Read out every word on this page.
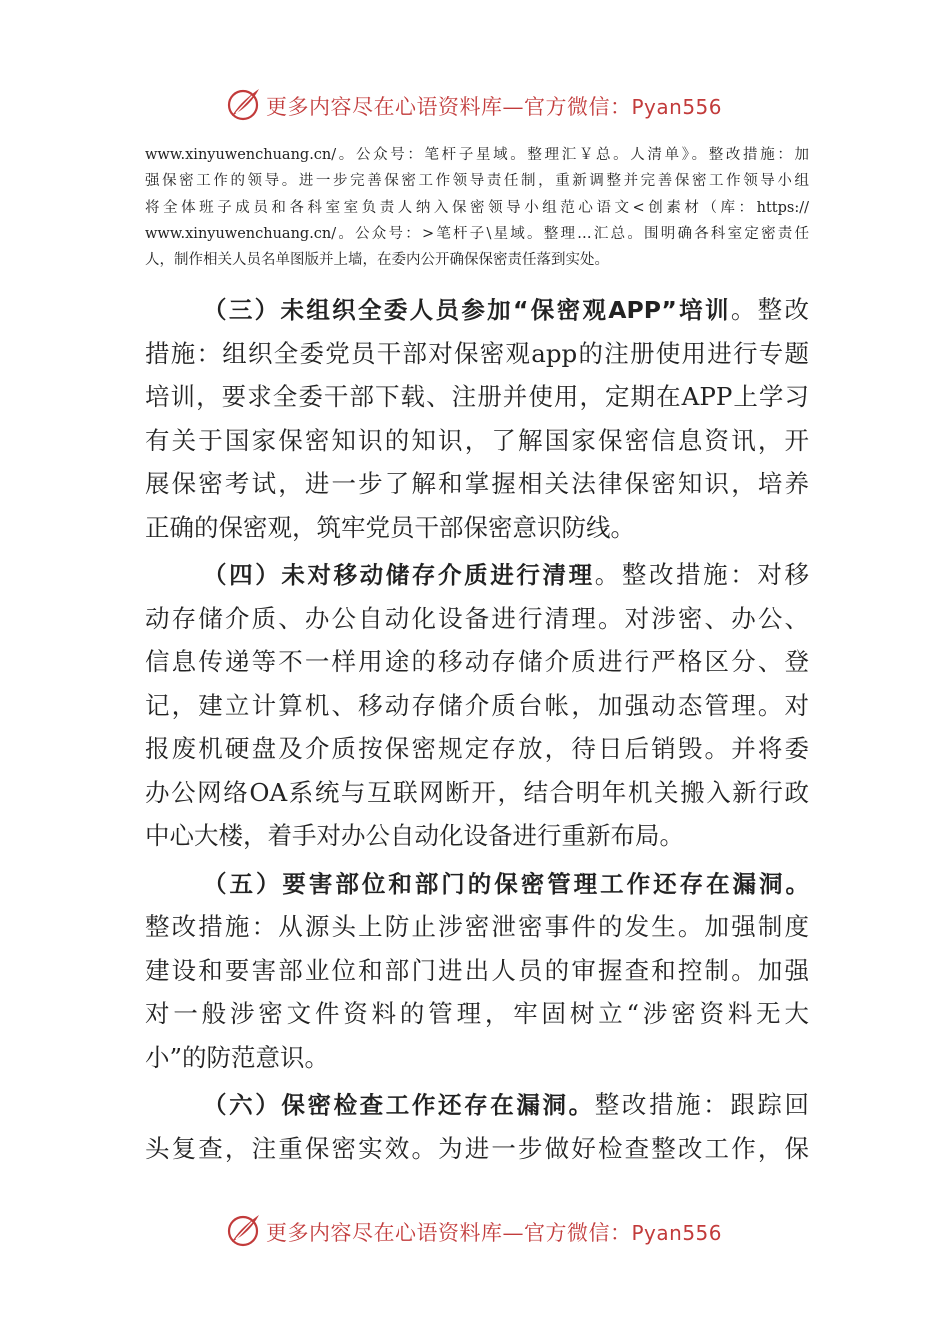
更多内容尽在心语资料库—官方微信：Pyan556
www.xinyuwenchuang.cn/。公众号：笔杆子星域。整理汇￥总。人清单》。整改措施：加
强保密工作的领导。进一步完善保密工作领导责任制，重新调整并完善保密工作领导小组
将全体班子成员和各科室室负责人纳入保密领导小组范心语文<创素材（库：https://
www.xinyuwenchuang.cn/。公众号：>笔杆子\星域。整理…汇总。围明确各科室定密责任
人，制作相关人员名单图版并上墙，在委内公开确保保密责任落到实处。
（三）未组织全委人员参加“保密观APP”培训。整改
措施：组织全委党员干部对保密观app的注册使用进行专题
培训，要求全委干部下载、注册并使用，定期在APP上学习
有关于国家保密知识的知识，了解国家保密信息资讯，开
展保密考试，进一步了解和掌握相关法律保密知识，培养
正确的保密观，筑牢党员干部保密意识防线。
（四）未对移动储存介质进行清理。整改措施：对移
动存储介质、办公自动化设备进行清理。对涉密、办公、
信息传递等不一样用途的移动存储介质进行严格区分、登
记，建立计算机、移动存储介质台帐，加强动态管理。对
报废机硬盘及介质按保密规定存放，待日后销毁。并将委
办公网络OA系统与互联网断开，结合明年机关搬入新行政
中心大楼，着手对办公自动化设备进行重新布局。
（五）要害部位和部门的保密管理工作还存在漏洞。
整改措施：从源头上防止涉密泄密事件的发生。加强制度
建设和要害部业位和部门进出人员的审握查和控制。加强
对一般涉密文件资料的管理，牢固树立“涉密资料无大
小”的防范意识。
（六）保密检查工作还存在漏洞。整改措施：跟踪回
头复查，注重保密实效。为进一步做好检查整改工作，保
更多内容尽在心语资料库—官方微信：Pyan556
